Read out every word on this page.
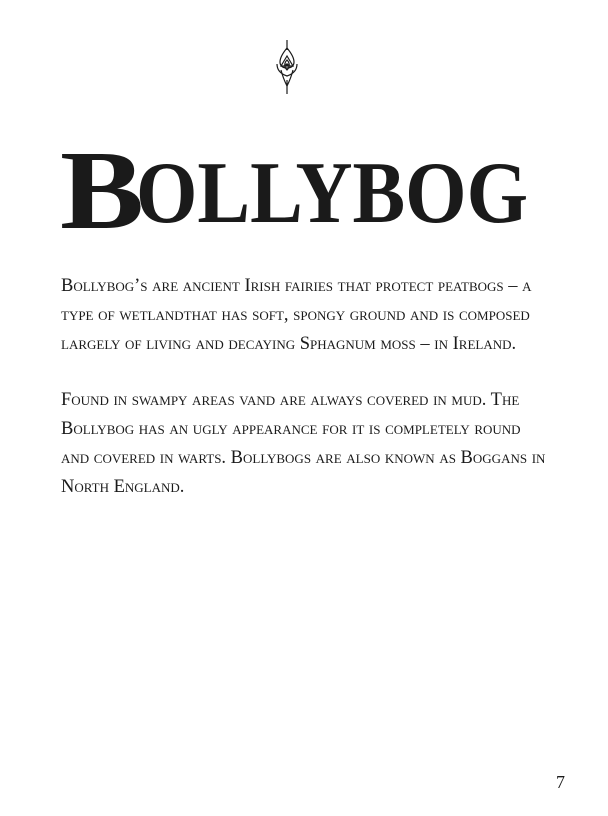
B
OLLYBOG

Bollybog’s are ancient Irish fairies that protect peatbogs – a type of wetlandthat has soft, spongy ground and is composed largely of living and decaying Sphagnum moss – in Ireland.

Found in swampy areas vand are always covered in mud. The Bollybog has an ugly appearance for it is completely round and covered in warts. Bollybogs are also known as Boggans in North England.

7
